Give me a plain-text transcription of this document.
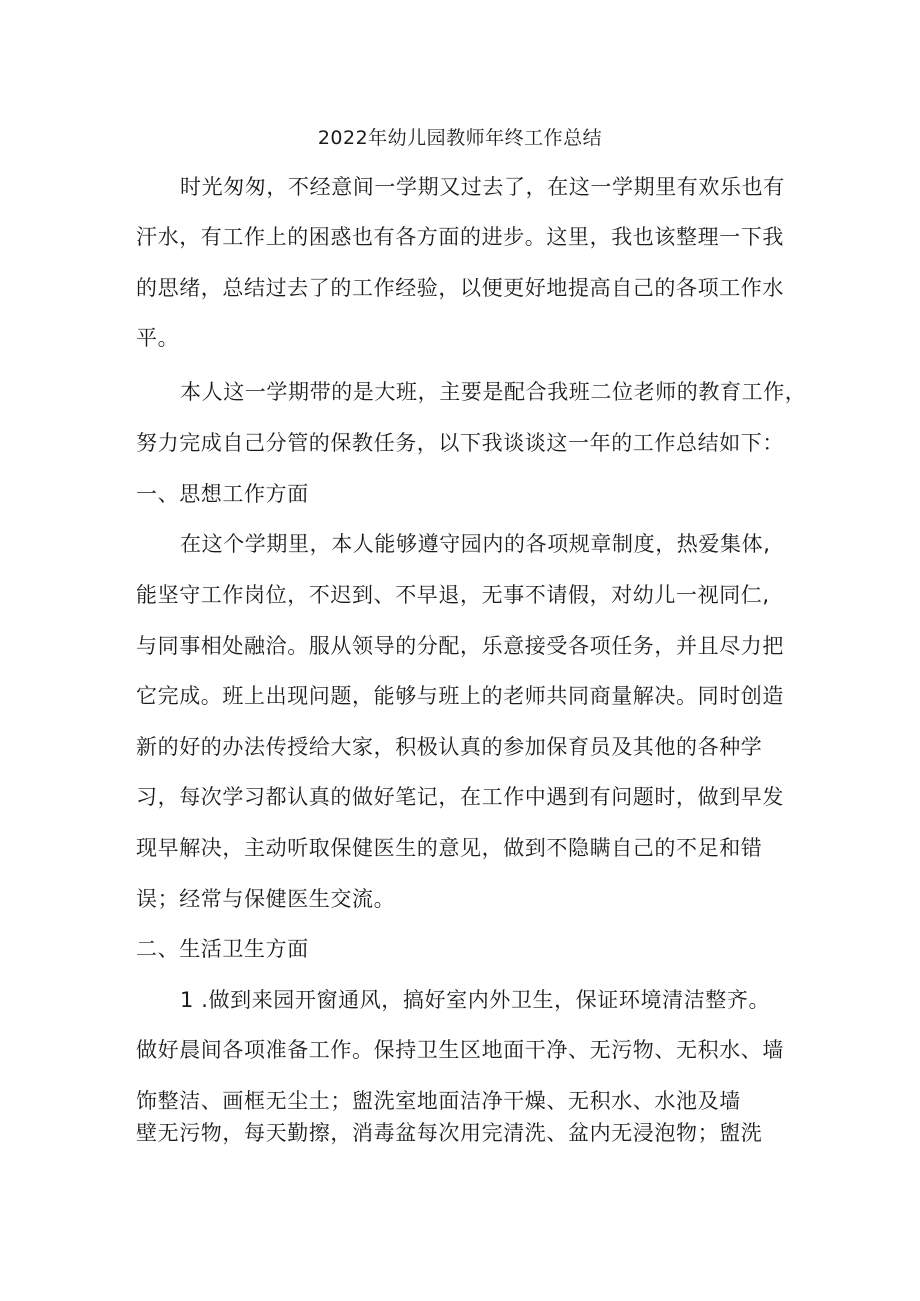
2022年幼儿园教师年终工作总结
时光匆匆，不经意间一学期又过去了，在这一学期里有欢乐也有
汗水，有工作上的困惑也有各方面的进步。这里，我也该整理一下我
的思绪，总结过去了的工作经验，以便更好地提高自己的各项工作水
平。
本人这一学期带的是大班，主要是配合我班二位老师的教育工作，
努力完成自己分管的保教任务，以下我谈谈这一年的工作总结如下：
一、思想工作方面
在这个学期里，本人能够遵守园内的各项规章制度，热爱集体,
能坚守工作岗位，不迟到、不早退，无事不请假，对幼儿一视同仁,
与同事相处融洽。服从领导的分配，乐意接受各项任务，并且尽力把
它完成。班上出现问题，能够与班上的老师共同商量解决。同时创造
新的好的办法传授给大家，积极认真的参加保育员及其他的各种学
习，每次学习都认真的做好笔记，在工作中遇到有问题时，做到早发
现早解决，主动听取保健医生的意见，做到不隐瞒自己的不足和错
误；经常与保健医生交流。
二、生活卫生方面
1 .做到来园开窗通风，搞好室内外卫生，保证环境清洁整齐。
做好晨间各项准备工作。保持卫生区地面干净、无污物、无积水、墙
饰整洁、画框无尘土；盥洗室地面洁净干燥、无积水、水池及墙
壁无污物，每天勤擦，消毒盆每次用完清洗、盆内无浸泡物；盥洗
